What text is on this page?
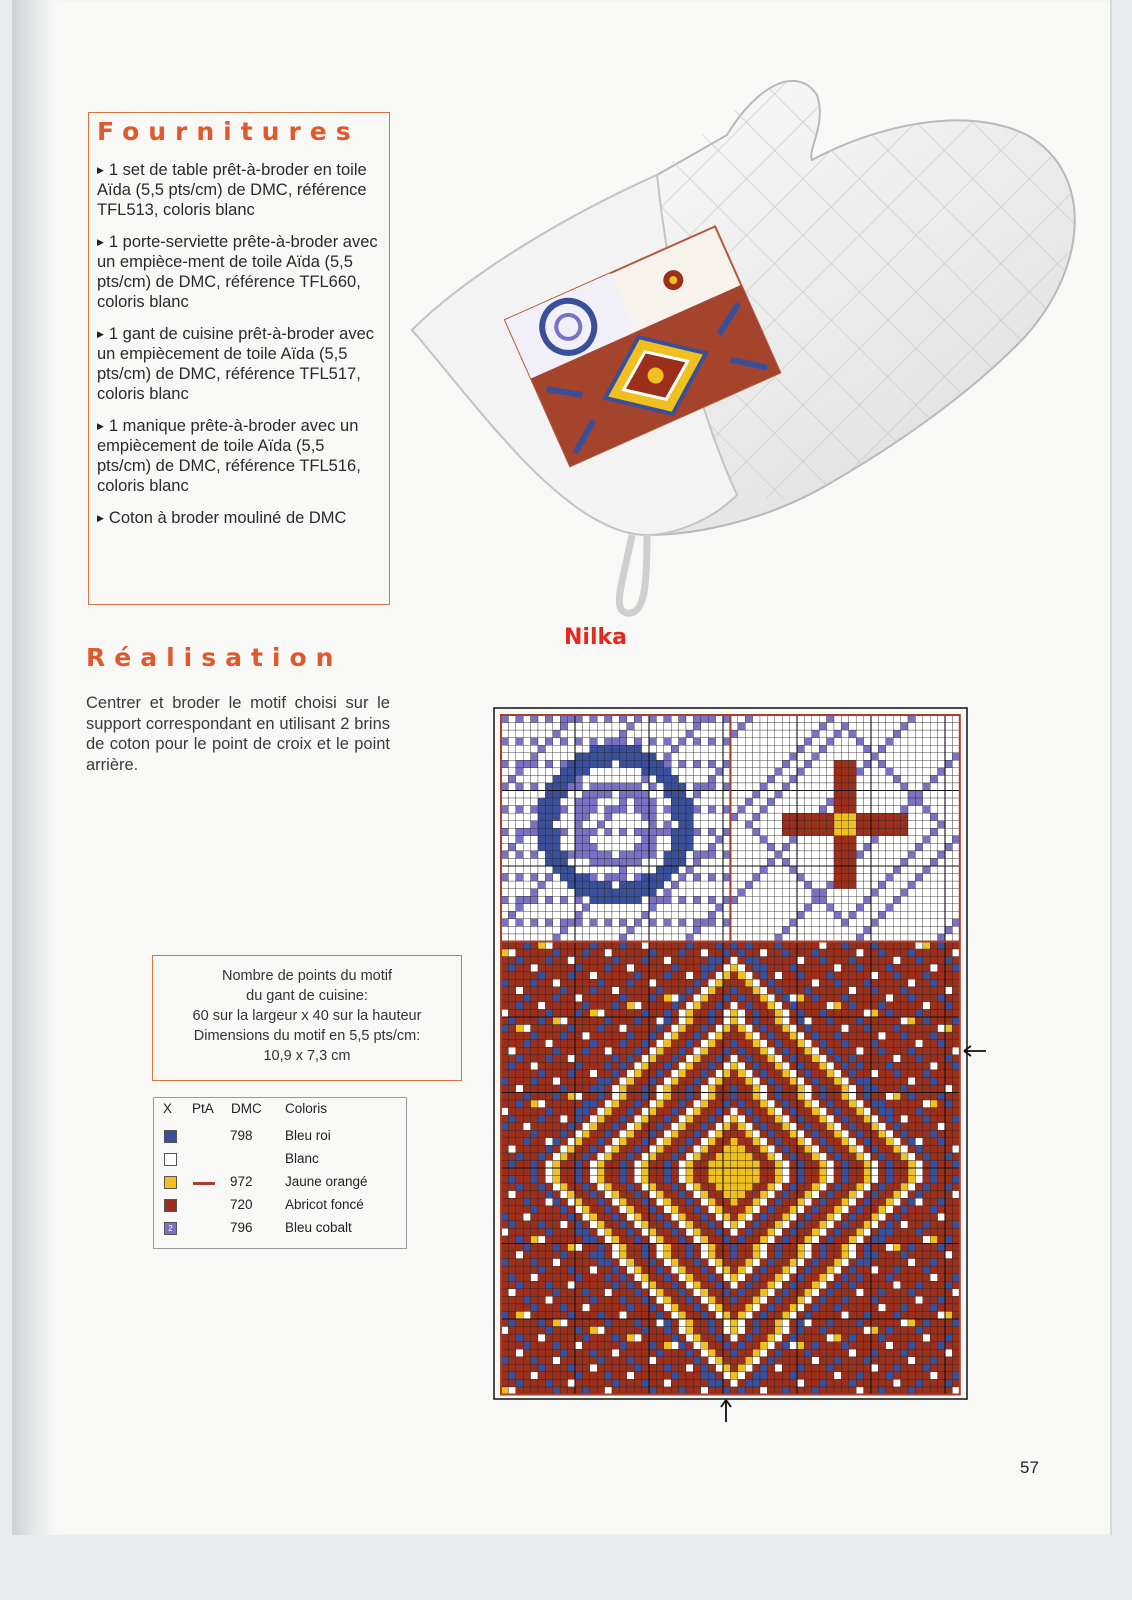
Fournitures
▶ 1 set de table prêt-à-broder en toile Aïda (5,5 pts/cm) de DMC, référence TFL513, coloris blanc
▶ 1 porte-serviette prête-à-broder avec un empièce-ment de toile Aïda (5,5 pts/cm) de DMC, référence TFL660, coloris blanc
▶ 1 gant de cuisine prêt-à-broder avec un empiècement de toile Aïda (5,5 pts/cm) de DMC, référence TFL517, coloris blanc
▶ 1 manique prête-à-broder avec un empiècement de toile Aïda (5,5 pts/cm) de DMC, référence TFL516, coloris blanc
▶ Coton à broder mouliné de DMC
Réalisation
Centrer et broder le motif choisi sur le support correspondant en utilisant 2 brins de coton pour le point de croix et le point arrière.
Nombre de points du motif
du gant de cuisine:
60 sur la largeur x 40 sur la hauteur
Dimensions du motif en 5,5 pts/cm:
10,9 x 7,3 cm
X PtA DMC Coloris
798 Bleu roi
Blanc
972 Jaune orangé
720 Abricot foncé
2	796 Bleu cobalt
Nilka
57
